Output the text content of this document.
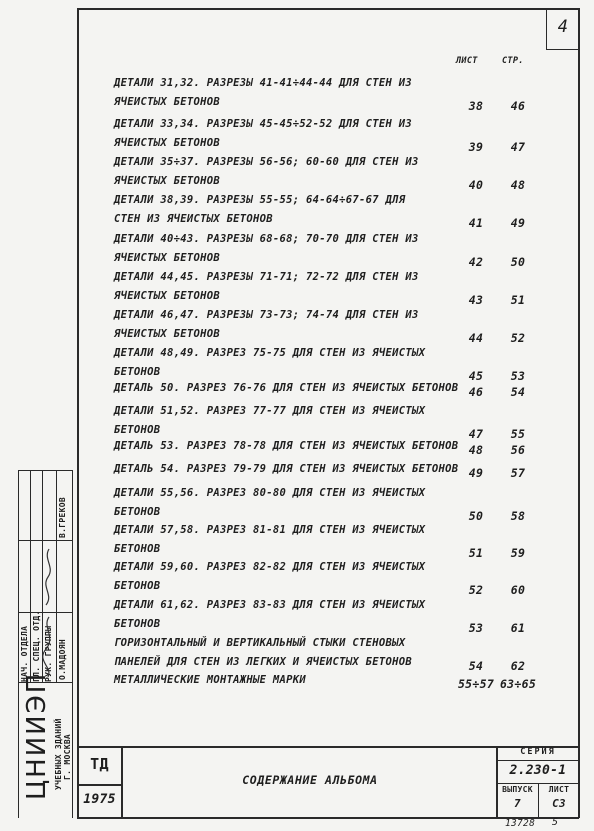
4
ЛИСТ	СТР.
ДЕТАЛИ 31,32. РАЗРЕЗЫ 41-41÷44-44 ДЛЯ СТЕН ИЗ
ЯЧЕИСТЫХ БЕТОНОВ	38	46
ДЕТАЛИ 33,34. РАЗРЕЗЫ 45-45÷52-52 ДЛЯ СТЕН ИЗ
ЯЧЕИСТЫХ БЕТОНОВ	39	47
ДЕТАЛИ 35÷37. РАЗРЕЗЫ 56-56; 60-60 ДЛЯ СТЕН ИЗ
ЯЧЕИСТЫХ БЕТОНОВ	40	48
ДЕТАЛИ 38,39. РАЗРЕЗЫ 55-55; 64-64÷67-67 ДЛЯ
СТЕН ИЗ ЯЧЕИСТЫХ БЕТОНОВ	41	49
ДЕТАЛИ 40÷43. РАЗРЕЗЫ 68-68; 70-70 ДЛЯ СТЕН ИЗ
ЯЧЕИСТЫХ БЕТОНОВ	42	50
ДЕТАЛИ 44,45. РАЗРЕЗЫ 71-71; 72-72 ДЛЯ СТЕН ИЗ
ЯЧЕИСТЫХ БЕТОНОВ	43	51
ДЕТАЛИ 46,47. РАЗРЕЗЫ 73-73; 74-74 ДЛЯ СТЕН ИЗ
ЯЧЕИСТЫХ БЕТОНОВ	44	52
ДЕТАЛИ 48,49. РАЗРЕЗ 75-75 ДЛЯ СТЕН ИЗ ЯЧЕИСТЫХ
БЕТОНОВ	45	53
ДЕТАЛЬ 50. РАЗРЕЗ 76-76 ДЛЯ СТЕН ИЗ ЯЧЕИСТЫХ БЕТОНОВ 46	54
ДЕТАЛИ 51,52. РАЗРЕЗ 77-77 ДЛЯ СТЕН ИЗ ЯЧЕИСТЫХ
БЕТОНОВ	47	55
ДЕТАЛЬ 53. РАЗРЕЗ 78-78 ДЛЯ СТЕН ИЗ ЯЧЕИСТЫХ БЕТОНОВ 48	56
ДЕТАЛЬ 54. РАЗРЕЗ 79-79 ДЛЯ СТЕН ИЗ ЯЧЕИСТЫХ БЕТОНОВ 49	57
ДЕТАЛИ 55,56. РАЗРЕЗ 80-80 ДЛЯ СТЕН ИЗ ЯЧЕИСТЫХ
БЕТОНОВ	50	58
ДЕТАЛИ 57,58. РАЗРЕЗ 81-81 ДЛЯ СТЕН ИЗ ЯЧЕИСТЫХ
БЕТОНОВ	51	59
ДЕТАЛИ 59,60. РАЗРЕЗ 82-82 ДЛЯ СТЕН ИЗ ЯЧЕИСТЫХ
БЕТОНОВ	52	60
ДЕТАЛИ 61,62. РАЗРЕЗ 83-83 ДЛЯ СТЕН ИЗ ЯЧЕИСТЫХ
БЕТОНОВ	53	61
ГОРИЗОНТАЛЬНЫЙ И ВЕРТИКАЛЬНЫЙ СТЫКИ СТЕНОВЫХ
ПАНЕЛЕЙ ДЛЯ СТЕН ИЗ ЛЕГКИХ И ЯЧЕИСТЫХ БЕТОНОВ	54	62
МЕТАЛЛИЧЕСКИЕ МОНТАЖНЫЕ МАРКИ	55÷57 63÷65
НАЧ. ОТДЕЛА ГЛ. СПЕЦ. ОТД. РУК. ГРУППЫ
В.ГРЕКОВ
О.МАДОЯН
ЦНИИЭП УЧЕБНЫХ ЗДАНИЙ Г. МОСКВА	ТД
1975
СОДЕРЖАНИЕ АЛЬБОМА
СЕРИЯ
2.230-1
ВЫПУСК
7
ЛИСТ
С3
13728	5
